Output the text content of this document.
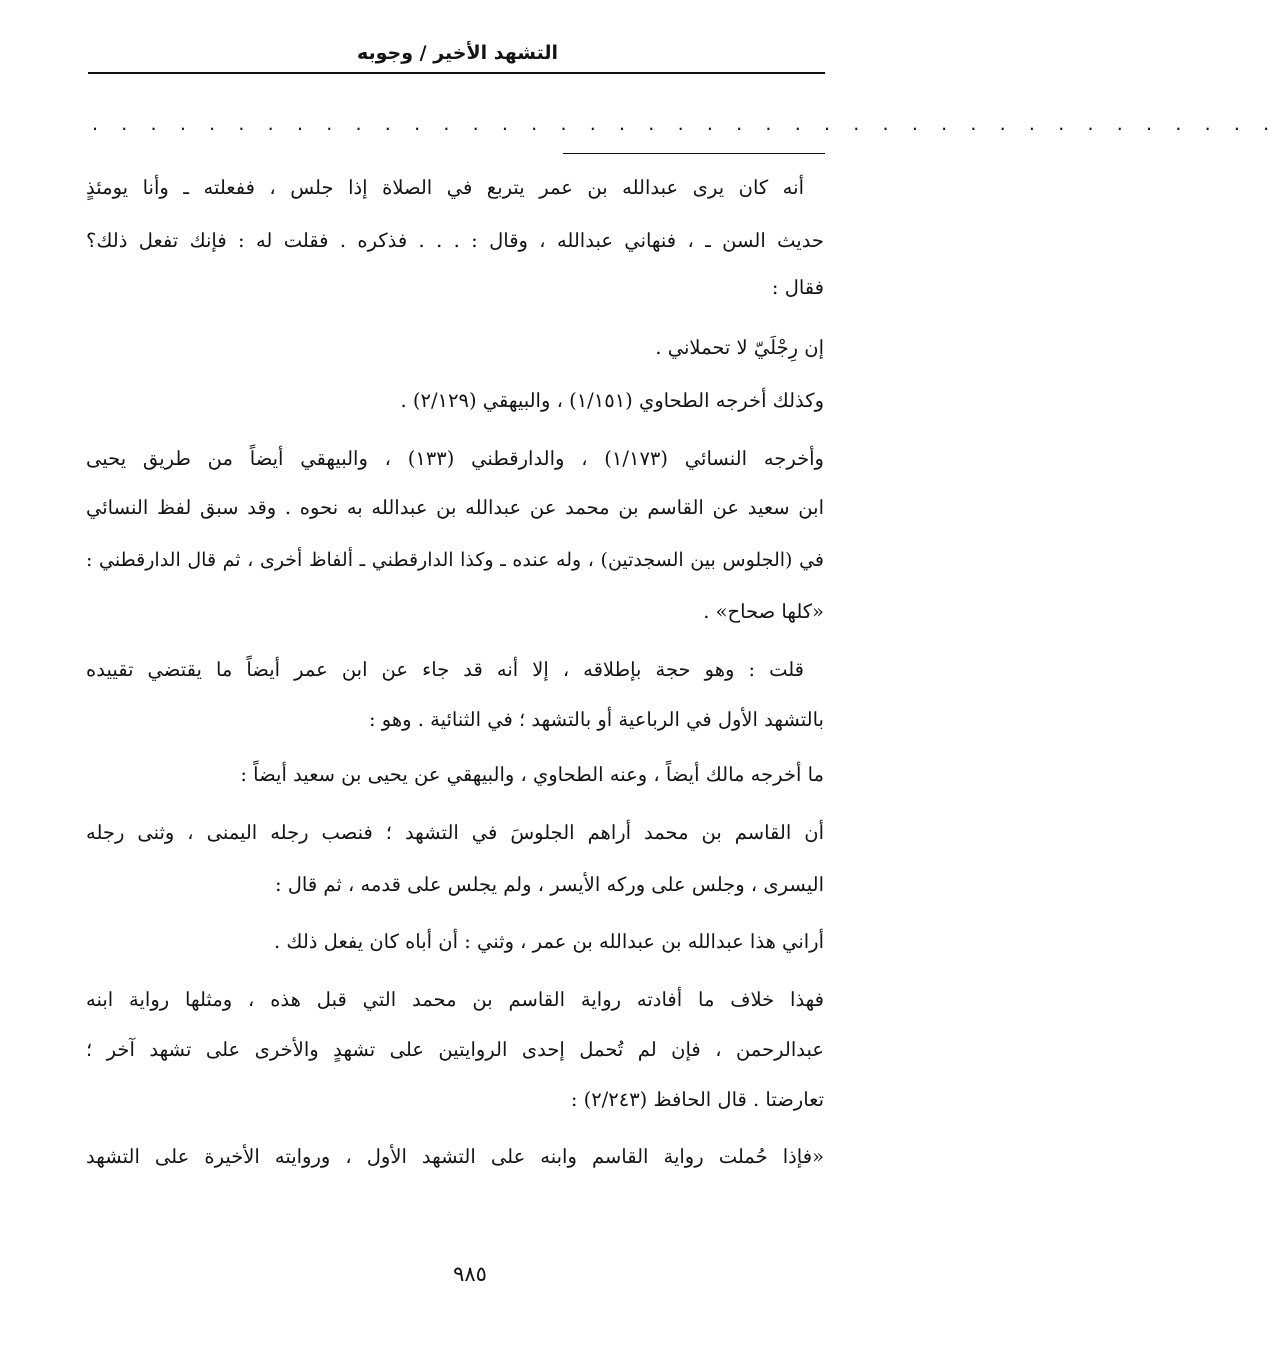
التشهد الأخير / وجوبه
. . . . . . . . . . . . . . . . . . . . . . . . . . . . . . . . . . . . . . . . .
أنه كان يرى عبدالله بن عمر يتربع في الصلاة إذا جلس ، ففعلته ـ وأنا يومئذٍ
حديث السن ـ ، فنهاني عبدالله ، وقال : . . . فذكره . فقلت له : فإنك تفعل ذلك؟
فقال :
إن رِجْلَيّ لا تحملاني .
وكذلك أخرجه الطحاوي (١/١٥١) ، والبيهقي (٢/١٢٩) .
وأخرجه النسائي (١/١٧٣) ، والدارقطني (١٣٣) ، والبيهقي أيضاً من طريق يحيى
ابن سعيد عن القاسم بن محمد عن عبدالله بن عبدالله به نحوه . وقد سبق لفظ النسائي
في (الجلوس بين السجدتين) ، وله عنده ـ وكذا الدارقطني ـ ألفاظ أخرى ، ثم قال الدارقطني :
«كلها صحاح» .
قلت : وهو حجة بإطلاقه ، إلا أنه قد جاء عن ابن عمر أيضاً ما يقتضي تقييده
بالتشهد الأول في الرباعية أو بالتشهد ؛ في الثنائية . وهو :
ما أخرجه مالك أيضاً ، وعنه الطحاوي ، والبيهقي عن يحيى بن سعيد أيضاً :
أن القاسم بن محمد أراهم الجلوسَ في التشهد ؛ فنصب رجله اليمنى ، وثنى رجله
اليسرى ، وجلس على وركه الأيسر ، ولم يجلس على قدمه ، ثم قال :
أراني هذا عبدالله بن عبدالله بن عمر ، وثني : أن أباه كان يفعل ذلك .
فهذا خلاف ما أفادته رواية القاسم بن محمد التي قبل هذه ، ومثلها رواية ابنه
عبدالرحمن ، فإن لم تُحمل إحدى الروايتين على تشهدٍ والأخرى على تشهد آخر ؛
تعارضتا . قال الحافظ (٢/٢٤٣) :
«فإذا حُملت رواية القاسم وابنه على التشهد الأول ، وروايته الأخيرة على التشهد
٩٨٥
